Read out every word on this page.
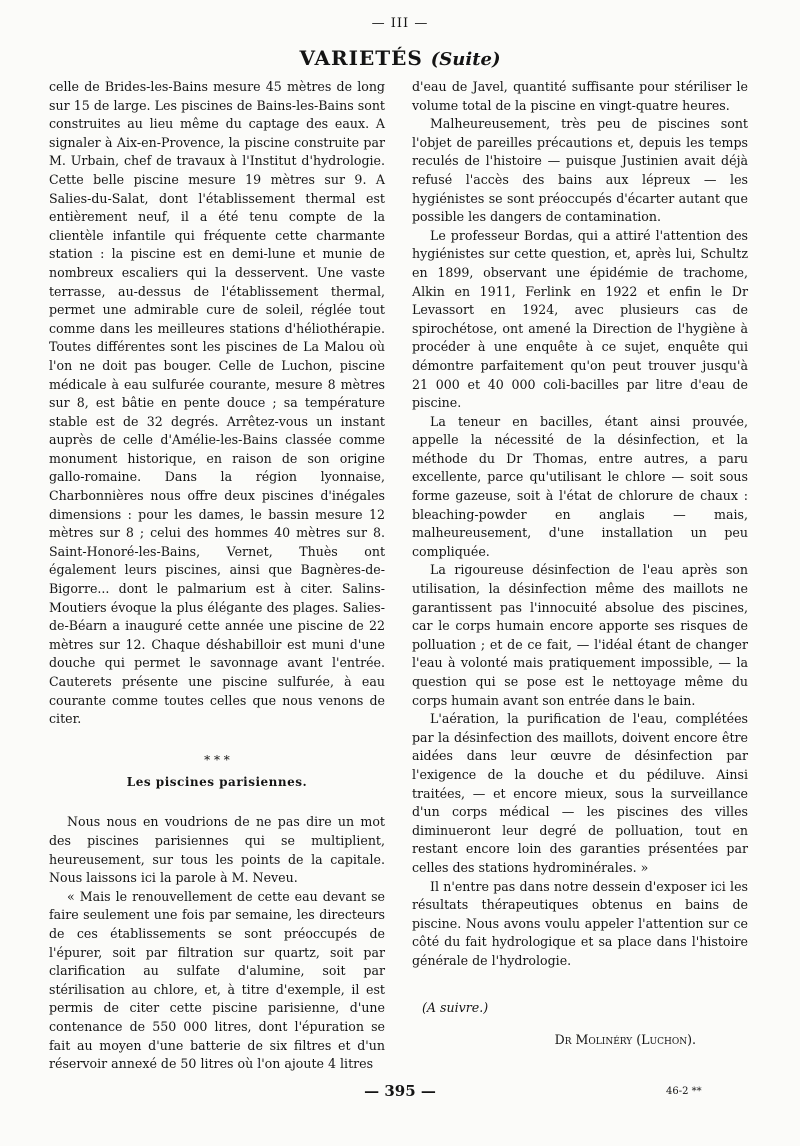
— III —
VARIETÉS (Suite)

celle de Brides-les-Bains mesure 45 mètres de long sur 15 de large. Les piscines de Bains-les-Bains sont construites au lieu même du captage des eaux. A signaler à Aix-en-Provence, la piscine construite par M. Urbain, chef de travaux à l'Institut d'hydrologie. Cette belle piscine mesure 19 mètres sur 9. A Salies-du-Salat, dont l'établissement thermal est entièrement neuf, il a été tenu compte de la clientèle infantile qui fréquente cette charmante station : la piscine est en demi-lune et munie de nombreux escaliers qui la desservent. Une vaste terrasse, au-dessus de l'établissement thermal, permet une admirable cure de soleil, réglée tout comme dans les meilleures stations d'héliothérapie. Toutes différentes sont les piscines de La Malou où l'on ne doit pas bouger. Celle de Luchon, piscine médicale à eau sulfurée courante, mesure 8 mètres sur 8, est bâtie en pente douce ; sa température stable est de 32 degrés. Arrêtez-vous un instant auprès de celle d'Amélie-les-Bains classée comme monument historique, en raison de son origine gallo-romaine. Dans la région lyonnaise, Charbonnières nous offre deux piscines d'inégales dimensions : pour les dames, le bassin mesure 12 mètres sur 8 ; celui des hommes 40 mètres sur 8. Saint-Honoré-les-Bains, Vernet, Thuès ont également leurs piscines, ainsi que Bagnères-de-Bigorre... dont le palmarium est à citer. Salins-Moutiers évoque la plus élégante des plages. Salies-de-Béarn a inauguré cette année une piscine de 22 mètres sur 12. Chaque déshabilloir est muni d'une douche qui permet le savonnage avant l'entrée. Cauterets présente une piscine sulfurée, à eau courante comme toutes celles que nous venons de citer.

* * *
Les piscines parisiennes.

Nous nous en voudrions de ne pas dire un mot des piscines parisiennes qui se multiplient, heureusement, sur tous les points de la capitale. Nous laissons ici la parole à M. Neveu.

« Mais le renouvellement de cette eau devant se faire seulement une fois par semaine, les directeurs de ces établissements se sont préoccupés de l'épurer, soit par filtration sur quartz, soit par clarification au sulfate d'alumine, soit par stérilisation au chlore, et, à titre d'exemple, il est permis de citer cette piscine parisienne, d'une contenance de 550 000 litres, dont l'épuration se fait au moyen d'une batterie de six filtres et d'un réservoir annexé de 50 litres où l'on ajoute 4 litres

d'eau de Javel, quantité suffisante pour stériliser le volume total de la piscine en vingt-quatre heures.

Malheureusement, très peu de piscines sont l'objet de pareilles précautions et, depuis les temps reculés de l'histoire — puisque Justinien avait déjà refusé l'accès des bains aux lépreux — les hygiénistes se sont préoccupés d'écarter autant que possible les dangers de contamination.

Le professeur Bordas, qui a attiré l'attention des hygiénistes sur cette question, et, après lui, Schultz en 1899, observant une épidémie de trachome, Alkin en 1911, Ferlink en 1922 et enfin le Dr Levassort en 1924, avec plusieurs cas de spirochétose, ont amené la Direction de l'hygiène à procéder à une enquête à ce sujet, enquête qui démontre parfaitement qu'on peut trouver jusqu'à 21 000 et 40 000 coli-bacilles par litre d'eau de piscine.

La teneur en bacilles, étant ainsi prouvée, appelle la nécessité de la désinfection, et la méthode du Dr Thomas, entre autres, a paru excellente, parce qu'utilisant le chlore — soit sous forme gazeuse, soit à l'état de chlorure de chaux : bleaching-powder en anglais — mais, malheureusement, d'une installation un peu compliquée.

La rigoureuse désinfection de l'eau après son utilisation, la désinfection même des maillots ne garantissent pas l'innocuité absolue des piscines, car le corps humain encore apporte ses risques de polluation ; et de ce fait, — l'idéal étant de changer l'eau à volonté mais pratiquement impossible, — la question qui se pose est le nettoyage même du corps humain avant son entrée dans le bain.

L'aération, la purification de l'eau, complétées par la désinfection des maillots, doivent encore être aidées dans leur œuvre de désinfection par l'exigence de la douche et du pédiluve. Ainsi traitées, — et encore mieux, sous la surveillance d'un corps médical — les piscines des villes diminueront leur degré de polluation, tout en restant encore loin des garanties présentées par celles des stations hydrominérales. »

Il n'entre pas dans notre dessein d'exposer ici les résultats thérapeutiques obtenus en bains de piscine. Nous avons voulu appeler l'attention sur ce côté du fait hydrologique et sa place dans l'histoire générale de l'hydrologie.

(A suivre.)
Dr Molinéry (Luchon).
— 395 —	46-2 **
